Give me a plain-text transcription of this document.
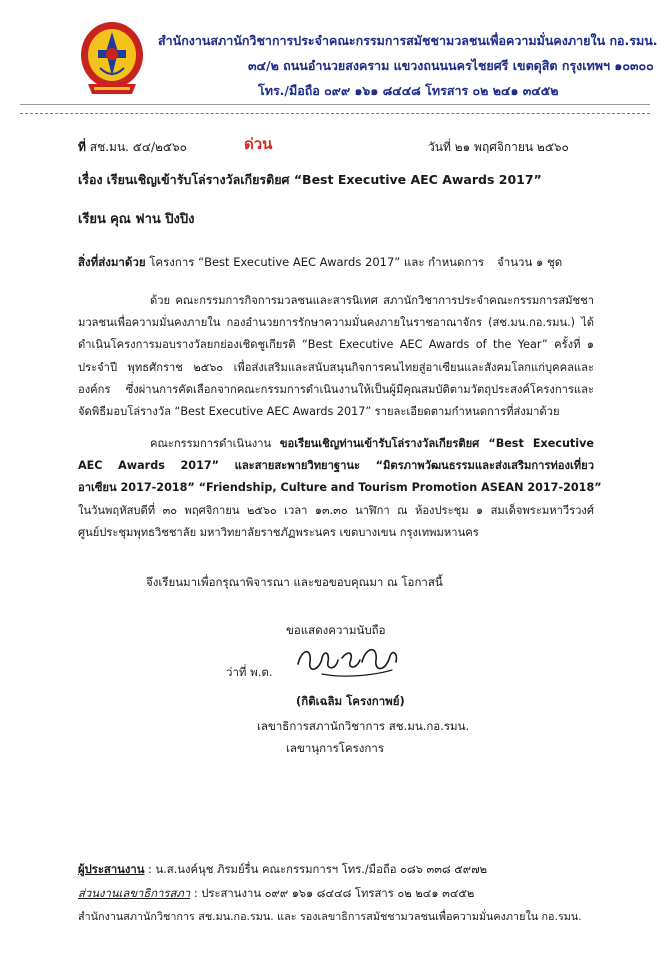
สำนักงานสภานักวิชาการประจำคณะกรรมการสมัชชามวลชนเพื่อความมั่นคงภายใน กอ.รมน.
๓๔/๒ ถนนอำนวยสงคราม แขวงถนนนครไชยศรี เขตดุสิต กรุงเทพฯ ๑๐๓๐๐
โทร./มือถือ ๐๙๙ ๑๖๑ ๘๔๔๘ โทรสาร ๐๒ ๒๔๑ ๓๔๕๒
ที่ สช.มน. ๕๔/๒๕๖๐	ด่วน	วันที่ ๒๑ พฤศจิกายน ๒๕๖๐
เรื่อง เรียนเชิญเข้ารับโล่รางวัลเกียรติยศ “Best Executive AEC Awards 2017”
เรียน คุณ ฟาน ปิงปิง
สิ่งที่ส่งมาด้วย โครงการ “Best Executive AEC Awards 2017” และ กำหนดการ จำนวน ๑ ชุด
ด้วย คณะกรรมการกิจการมวลชนและสารนิเทศ สภานักวิชาการประจำคณะกรรมการสมัชชา
มวลชนเพื่อความมั่นคงภายใน กองอำนวยการรักษาความมั่นคงภายในราชอาณาจักร (สช.มน.กอ.รมน.) ได้
ดำเนินโครงการมอบรางวัลยกย่องเชิดชูเกียรติ “Best Executive AEC Awards of the Year” ครั้งที่ ๑
ประจำปี พุทธศักราช ๒๕๖๐ เพื่อส่งเสริมและสนับสนุนกิจการคนไทยสู่อาเซียนและสังคมโลกแก่บุคคลและ
องค์กร ซึ่งผ่านการคัดเลือกจากคณะกรรมการดำเนินงานให้เป็นผู้มีคุณสมบัติตามวัตถุประสงค์โครงการและ
จัดพิธีมอบโล่รางวัล “Best Executive AEC Awards 2017” รายละเอียดตามกำหนดการที่ส่งมาด้วย
คณะกรรมการดำเนินงาน ขอเรียนเชิญท่านเข้ารับโล่รางวัลเกียรติยศ “Best Executive
AEC Awards 2017” และสายสะพายวิทยาฐานะ “มิตรภาพวัฒนธรรมและส่งเสริมการท่องเที่ยว
อาเซียน 2017-2018” “Friendship, Culture and Tourism Promotion ASEAN 2017-2018”
ในวันพฤหัสบดีที่ ๓๐ พฤศจิกายน ๒๕๖๐ เวลา ๑๓.๓๐ นาฬิกา ณ ห้องประชุม ๑ สมเด็จพระมหาวีรวงศ์
ศูนย์ประชุมพุทธวิชชาลัย มหาวิทยาลัยราชภัฏพระนคร เขตบางเขน กรุงเทพมหานคร
จึงเรียนมาเพื่อกรุณาพิจารณา และขอขอบคุณมา ณ โอกาสนี้
ขอแสดงความนับถือ
ว่าที่ พ.ต.
(กิติเฉลิม โครงกาพย์)
เลขาธิการสภานักวิชาการ สช.มน.กอ.รมน.
เลขานุการโครงการ
ผู้ประสานงาน : น.ส.นงค์นุช ภิรมย์รื่น คณะกรรมการฯ โทร./มือถือ ๐๘๖ ๓๓๘ ๕๙๗๒
ส่วนงานเลขาธิการสภา : ประสานงาน ๐๙๙ ๑๖๑ ๘๔๔๘ โทรสาร ๐๒ ๒๔๑ ๓๔๕๒
สำนักงานสภานักวิชาการ สช.มน.กอ.รมน. และ รองเลขาธิการสมัชชามวลชนเพื่อความมั่นคงภายใน กอ.รมน.
